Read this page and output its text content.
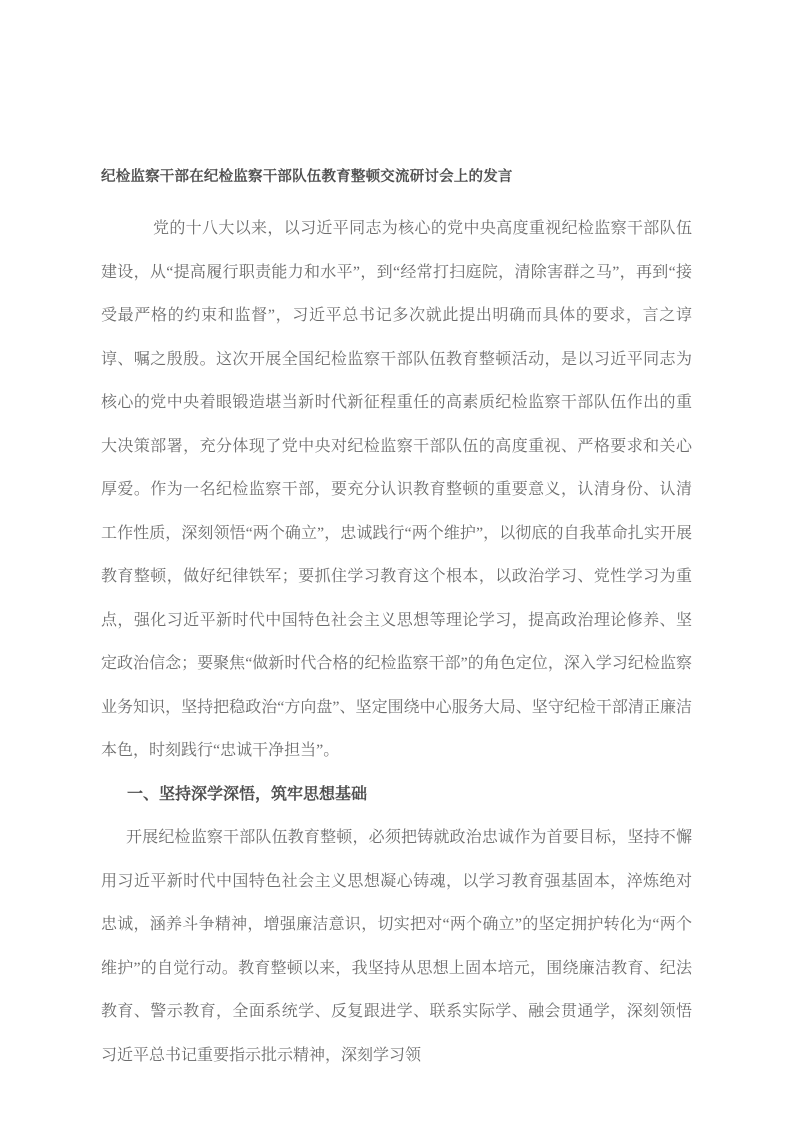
纪检监察干部在纪检监察干部队伍教育整顿交流研讨会上的发言

党的十八大以来，以习近平同志为核心的党中央高度重视纪检监察干部队伍建设，从“提高履行职责能力和水平”，到“经常打扫庭院，清除害群之马”，再到“接受最严格的约束和监督”，习近平总书记多次就此提出明确而具体的要求，言之谆谆、嘱之殷殷。这次开展全国纪检监察干部队伍教育整顿活动，是以习近平同志为核心的党中央着眼锻造堪当新时代新征程重任的高素质纪检监察干部队伍作出的重大决策部署，充分体现了党中央对纪检监察干部队伍的高度重视、严格要求和关心厚爱。作为一名纪检监察干部，要充分认识教育整顿的重要意义，认清身份、认清工作性质，深刻领悟“两个确立”，忠诚践行“两个维护”，以彻底的自我革命扎实开展教育整顿，做好纪律铁军；要抓住学习教育这个根本，以政治学习、党性学习为重点，强化习近平新时代中国特色社会主义思想等理论学习，提高政治理论修养、坚定政治信念；要聚焦“做新时代合格的纪检监察干部”的角色定位，深入学习纪检监察业务知识，坚持把稳政治“方向盘”、坚定围绕中心服务大局、坚守纪检干部清正廉洁本色，时刻践行“忠诚干净担当”。

一、坚持深学深悟，筑牢思想基础

开展纪检监察干部队伍教育整顿，必须把铸就政治忠诚作为首要目标，坚持不懈用习近平新时代中国特色社会主义思想凝心铸魂，以学习教育强基固本，淬炼绝对忠诚，涵养斗争精神，增强廉洁意识，切实把对“两个确立”的坚定拥护转化为“两个维护”的自觉行动。教育整顿以来，我坚持从思想上固本培元，围绕廉洁教育、纪法教育、警示教育，全面系统学、反复跟进学、联系实际学、融会贯通学，深刻领悟习近平总书记重要指示批示精神，深刻学习领
